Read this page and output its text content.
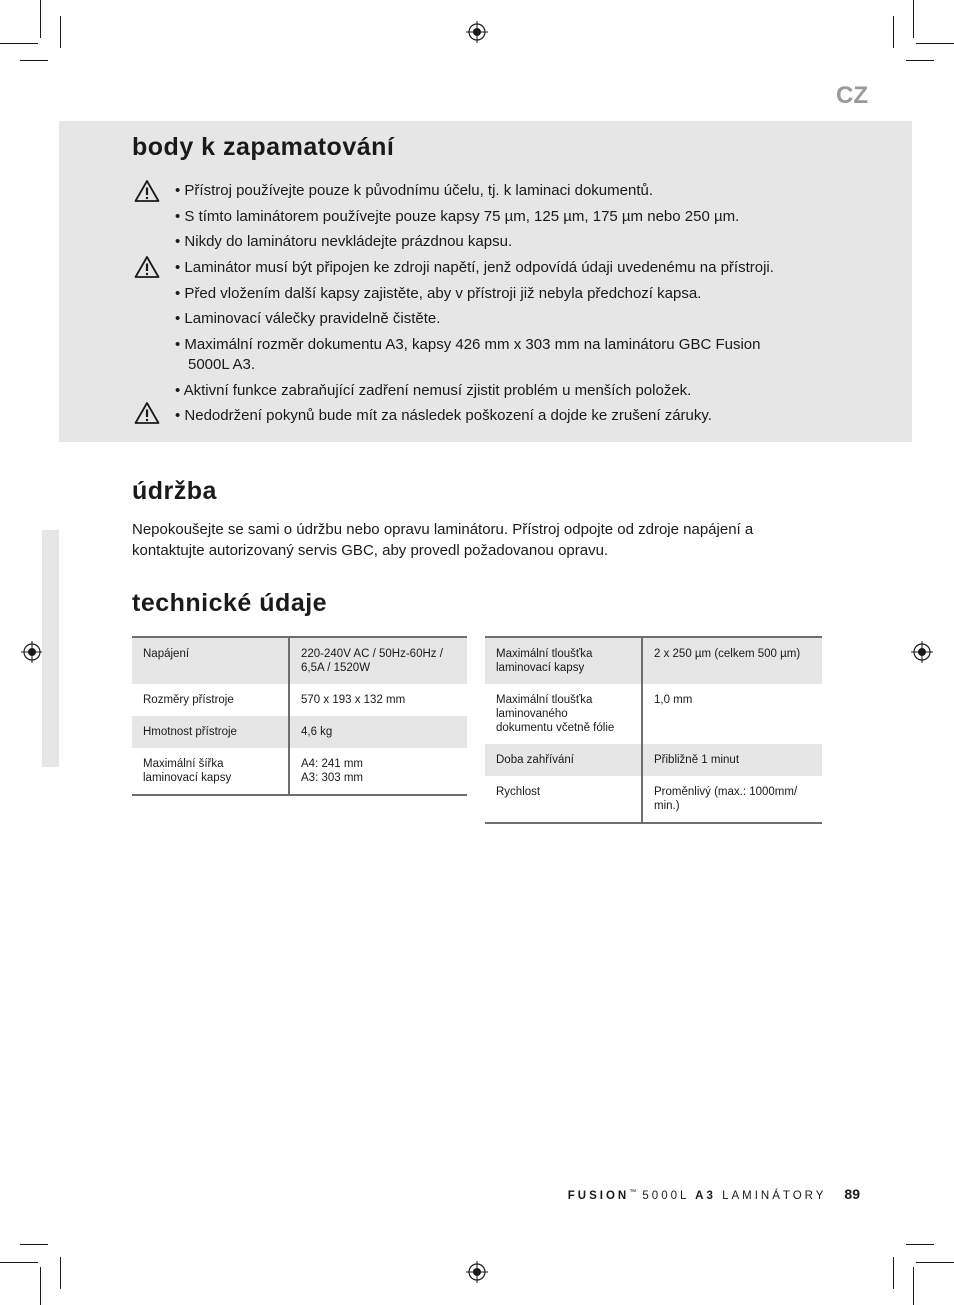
CZ
body k zapamatování

• Přístroj používejte pouze k původnímu účelu, tj. k laminaci dokumentů.

• S tímto laminátorem používejte pouze kapsy 75 µm, 125 µm, 175 µm nebo 250 µm.

• Nikdy do laminátoru nevkládejte prázdnou kapsu.

• Laminátor musí být připojen ke zdroji napětí, jenž odpovídá údaji uvedenému na přístroji.

• Před vložením další kapsy zajistěte, aby v přístroji již nebyla předchozí kapsa.

• Laminovací válečky pravidelně čistěte.

• Maximální rozměr dokumentu A3, kapsy 426 mm x 303 mm na laminátoru GBC Fusion

5000L A3.

• Aktivní funkce zabraňující zadření nemusí zjistit problém u menších položek.

• Nedodržení pokynů bude mít za následek poškození a dojde ke zrušení záruky.

údržba

Nepokoušejte se sami o údržbu nebo opravu laminátoru. Přístroj odpojte od zdroje napájení a
kontaktujte autorizovaný servis GBC, aby provedl požadovanou opravu.

technické údaje
Napájení	220-240V AC / 50Hz-60Hz /
6,5A / 1520W
Rozměry přístroje	570 x 193 x 132 mm
Hmotnost přístroje	4,6 kg
Maximální šířka
laminovací kapsy	A4: 241 mm
A3: 303 mm
Maximální tloušťka
laminovací kapsy	2 x 250 µm (celkem 500 µm)
Maximální tloušťka
laminovaného
dokumentu včetně fólie	1,0 mm
Doba zahřívání	Přibližně 1 minut
Rychlost	Proměnlivý (max.: 1000mm/
min.)
FUSION™ 5000L A3 LAMINÁTORY 89
